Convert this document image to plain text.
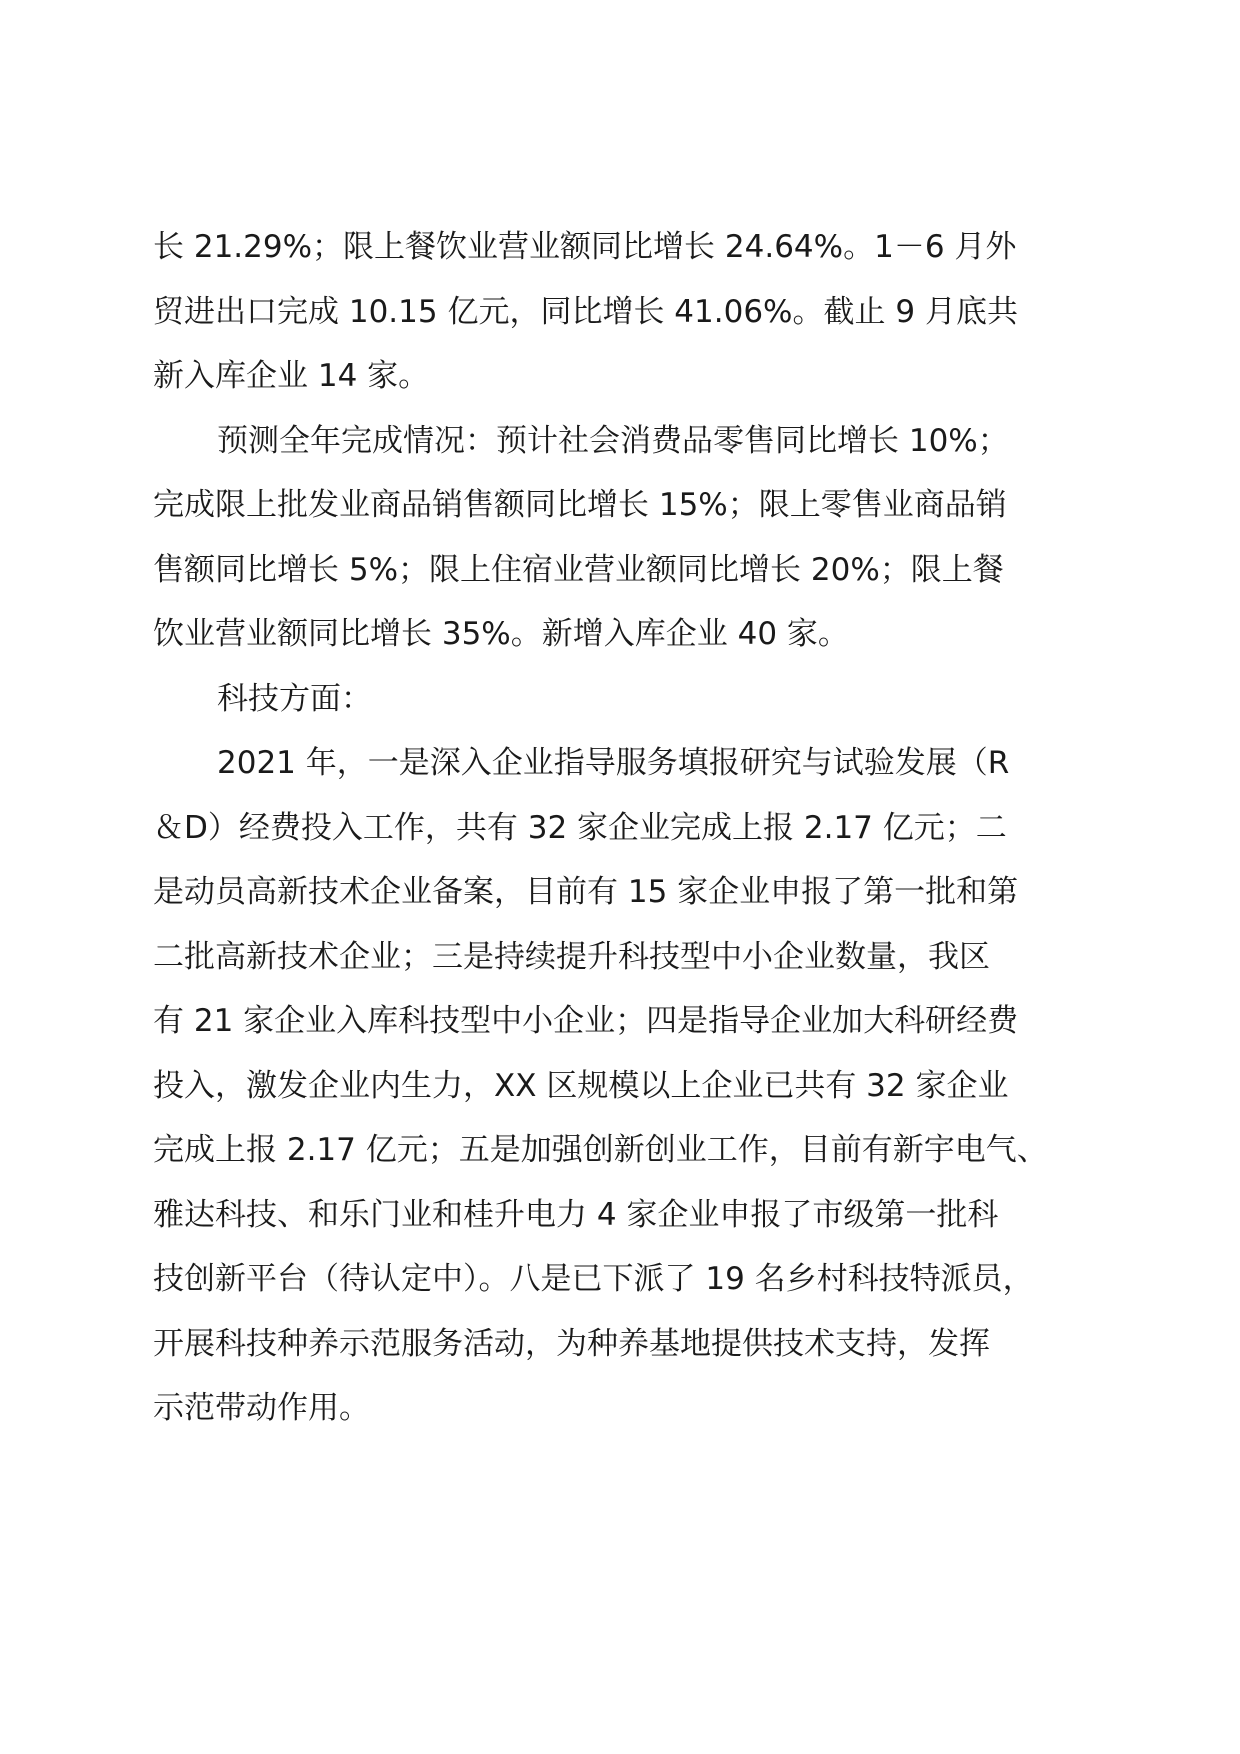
长 21.29%；限上餐饮业营业额同比增长 24.64%。1－6 月外
贸进出口完成 10.15 亿元，同比增长 41.06%。截止 9 月底共
新入库企业 14 家。

预测全年完成情况：预计社会消费品零售同比增长 10%；
完成限上批发业商品销售额同比增长 15%；限上零售业商品销
售额同比增长 5%；限上住宿业营业额同比增长 20%；限上餐
饮业营业额同比增长 35%。新增入库企业 40 家。

科技方面：

2021 年，一是深入企业指导服务填报研究与试验发展（R
＆D）经费投入工作，共有 32 家企业完成上报 2.17 亿元；二
是动员高新技术企业备案，目前有 15 家企业申报了第一批和第
二批高新技术企业；三是持续提升科技型中小企业数量，我区
有 21 家企业入库科技型中小企业；四是指导企业加大科研经费
投入，激发企业内生力，XX 区规模以上企业已共有 32 家企业
完成上报 2.17 亿元；五是加强创新创业工作，目前有新宇电气、
雅达科技、和乐门业和桂升电力 4 家企业申报了市级第一批科
技创新平台（待认定中）。八是已下派了 19 名乡村科技特派员，
开展科技种养示范服务活动，为种养基地提供技术支持，发挥
示范带动作用。
